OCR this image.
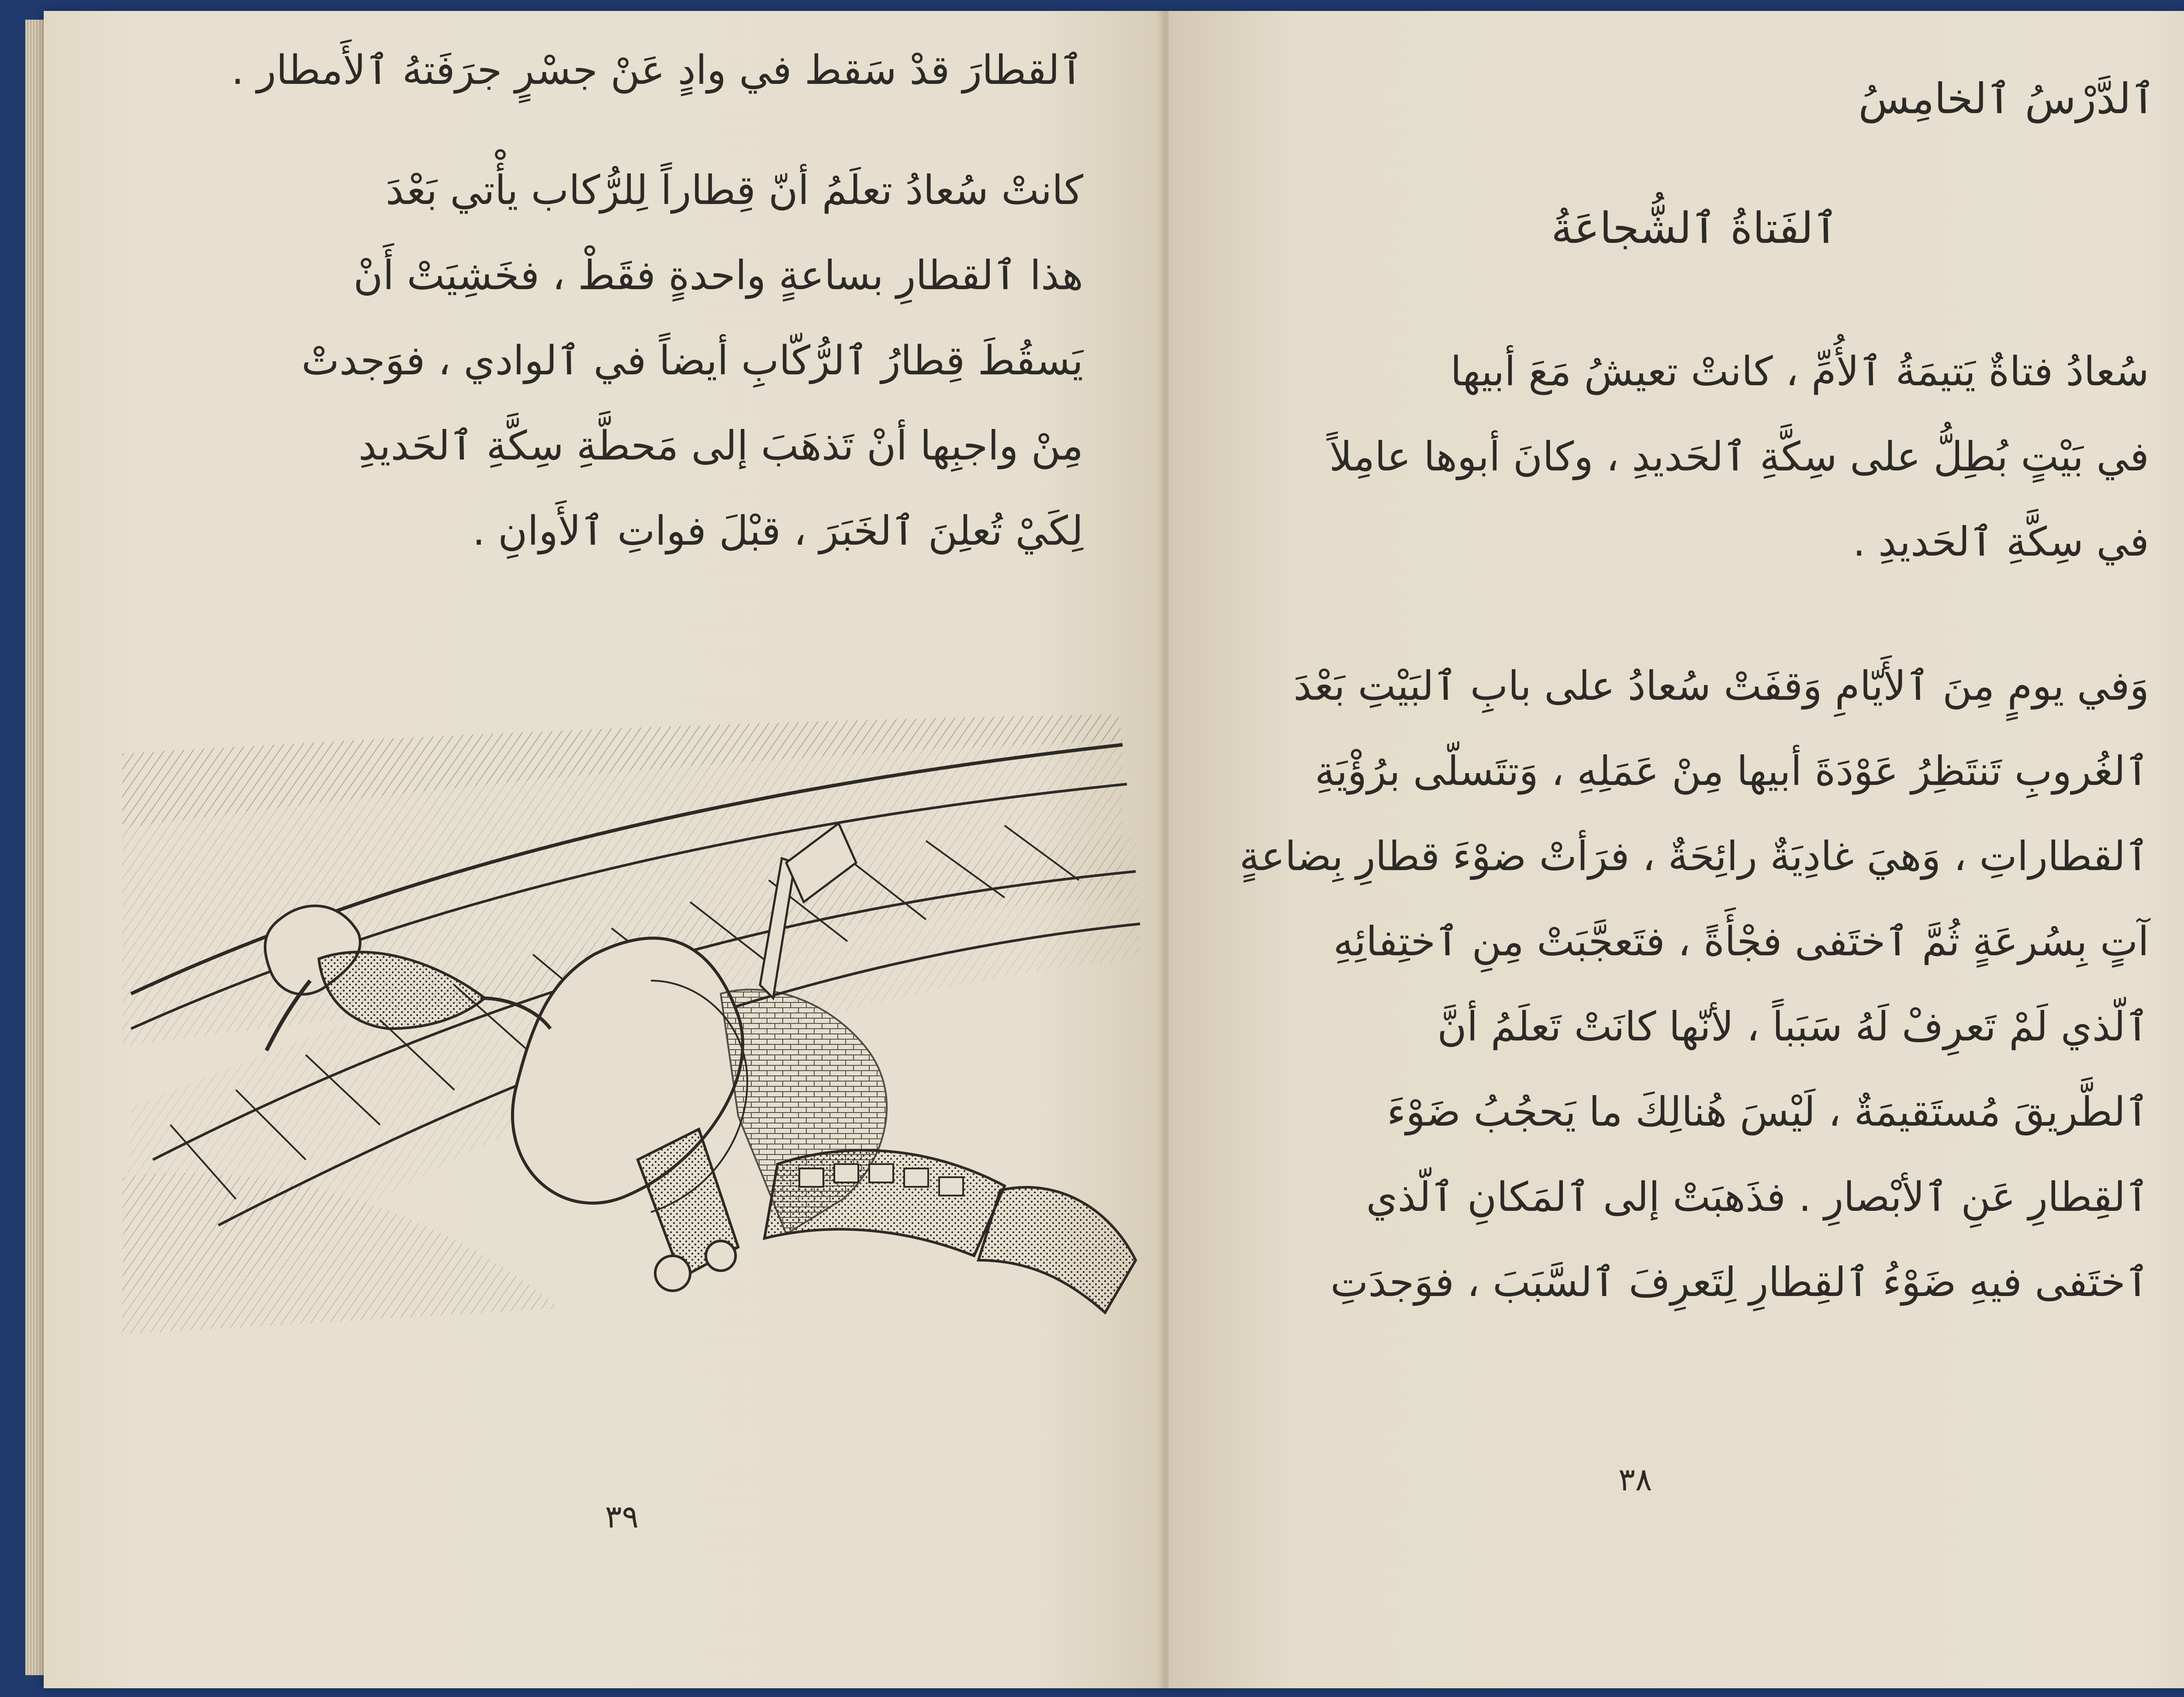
ٱلقطارَ قدْ سَقط في وادٍ عَنْ جسْرٍ جرَفَتهُ ٱلأَمطار .
كانتْ سُعادُ تعلَمُ أنّ قِطاراً لِلرُّكاب يأْتي بَعْدَ
هذا ٱلقطارِ بساعةٍ واحدةٍ فقَطْ ، فخَشِيَتْ أَنْ
يَسقُطَ قِطارُ ٱلرُّكّابِ أيضاً في ٱلوادي ، فوَجدتْ
مِنْ واجبِها أنْ تَذهَبَ إلى مَحطَّةِ سِكَّةِ ٱلحَديدِ
لِكَيْ تُعلِنَ ٱلخَبَرَ ، قبْلَ فواتِ ٱلأَوانِ .
٣٩
ٱلدَّرْسُ ٱلخامِسُ
ٱلفَتاةُ ٱلشُّجاعَةُ
سُعادُ فتاةٌ يَتيمَةُ ٱلأُمِّ ، كانتْ تعيشُ مَعَ أبيها
في بَيْتٍ بُطِلُّ على سِكَّةِ ٱلحَديدِ ، وكانَ أبوها عامِلاً
في سِكَّةِ ٱلحَديدِ .
وَفي يومٍ مِنَ ٱلأَيّامِ وَقفَتْ سُعادُ على بابِ ٱلبَيْتِ بَعْدَ
ٱلغُروبِ تَنتَظِرُ عَوْدَةَ أبيها مِنْ عَمَلِهِ ، وَتتَسلّى برُؤْيَةِ
ٱلقطاراتِ ، وَهيَ غادِيَةٌ رائِحَةٌ ، فرَأتْ ضوْءَ قطارِ بِضاعةٍ
آتٍ بِسُرعَةٍ ثُمَّ ٱختَفى فجْأَةً ، فتَعجَّبَتْ مِنِ ٱختِفائِهِ
ٱلّذي لَمْ تَعرِفْ لَهُ سَبَباً ، لأنّها كانَتْ تَعلَمُ أنَّ
ٱلطَّريقَ مُستَقيمَةٌ ، لَيْسَ هُنالِكَ ما يَحجُبُ ضَوْءَ
ٱلقِطارِ عَنِ ٱلأبْصارِ . فذَهبَتْ إلى ٱلمَكانِ ٱلّذي
ٱختَفى فيهِ ضَوْءُ ٱلقِطارِ لِتَعرِفَ ٱلسَّبَبَ ، فوَجدَتِ
٣٨
